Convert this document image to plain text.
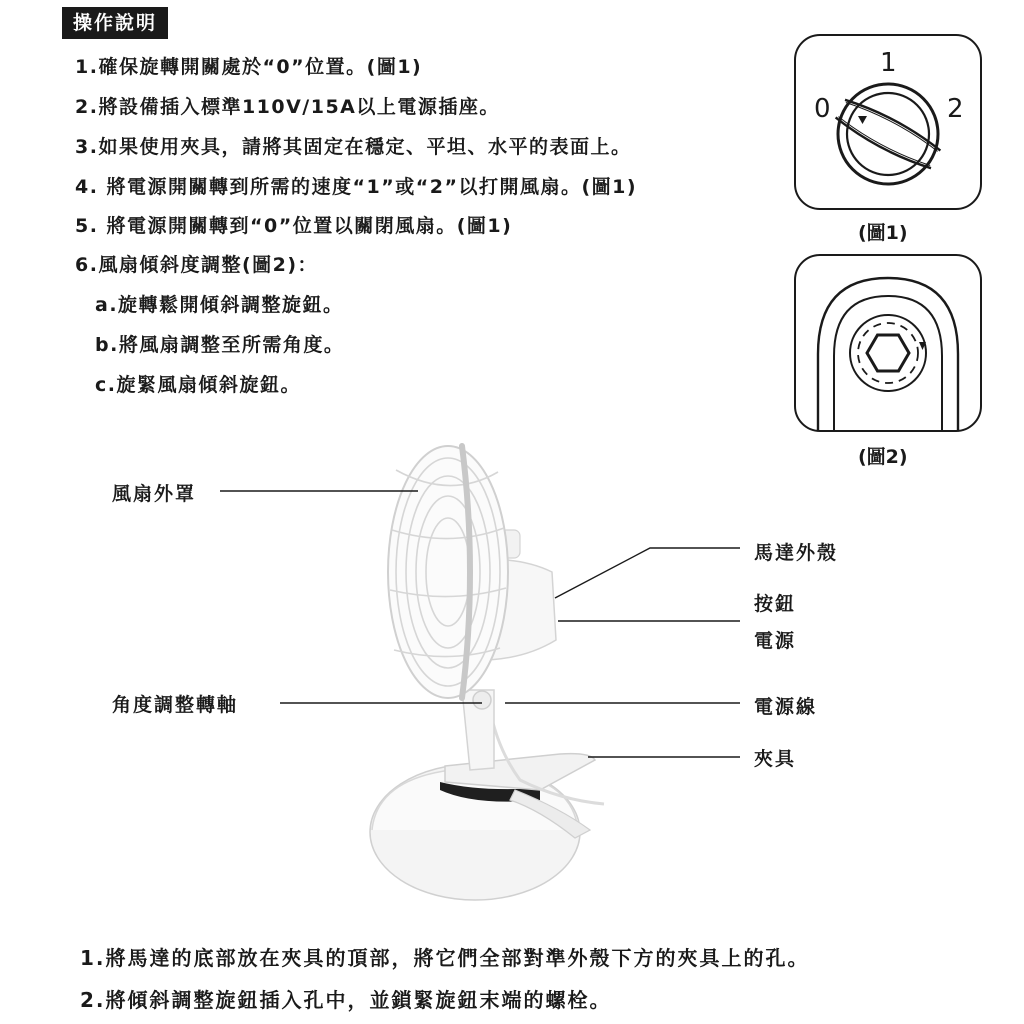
操作說明
1.確保旋轉開關處於“0”位置。(圖1)
2.將設備插入標準110V/15A以上電源插座。
3.如果使用夾具，請將其固定在穩定、平坦、水平的表面上。
4. 將電源開關轉到所需的速度“1”或“2”以打開風扇。(圖1)
5. 將電源開關轉到“0”位置以關閉風扇。(圖1)
6.風扇傾斜度調整(圖2)：
a.旋轉鬆開傾斜調整旋鈕。
b.將風扇調整至所需角度。
c.旋緊風扇傾斜旋鈕。
1
0	2
(圖1)
(圖2)
風扇外罩
馬達外殼
按鈕
電源
角度調整轉軸	電源線
夾具
1.將馬達的底部放在夾具的頂部，將它們全部對準外殼下方的夾具上的孔。
2.將傾斜調整旋鈕插入孔中，並鎖緊旋鈕末端的螺栓。
